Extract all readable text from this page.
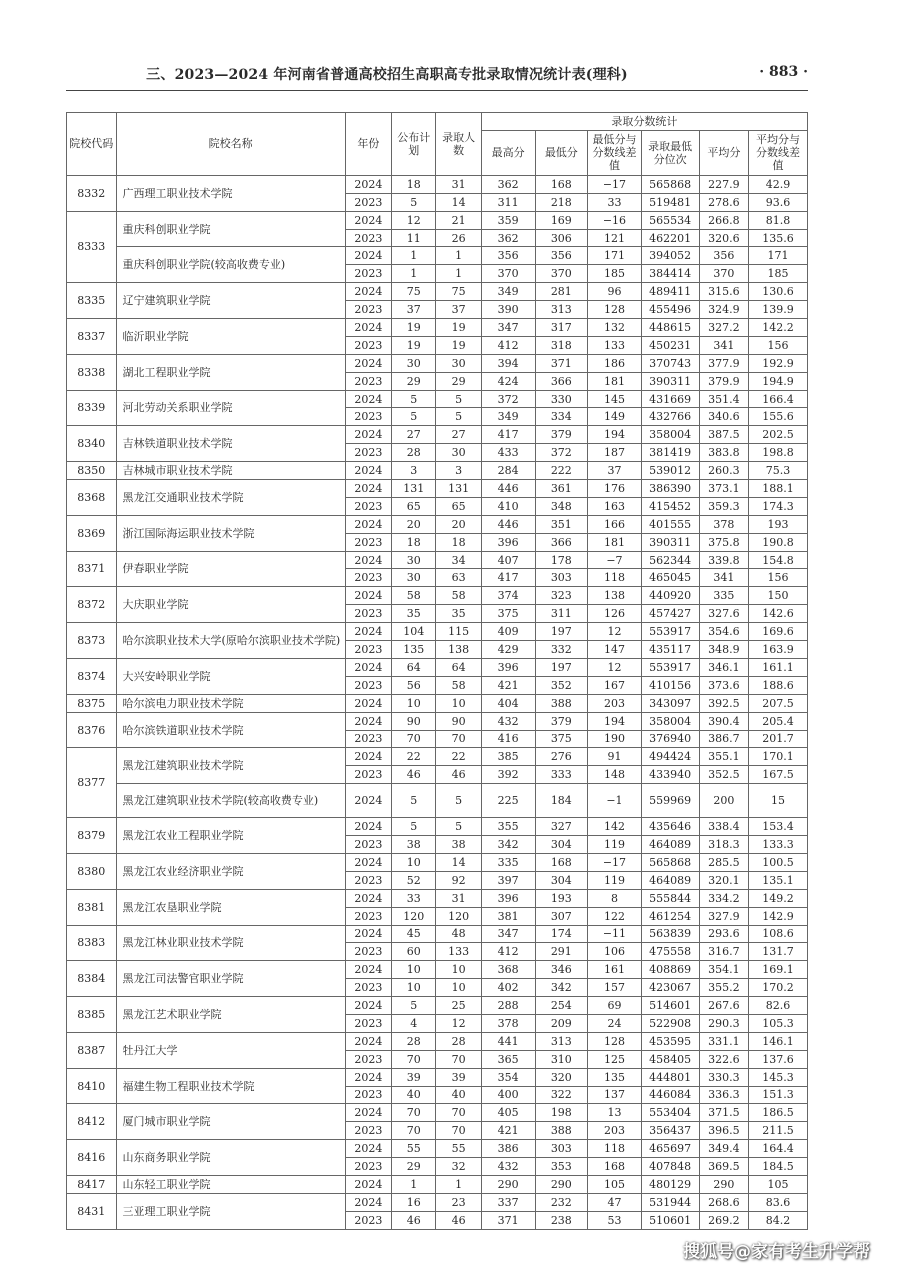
三、2023—2024 年河南省普通高校招生高职高专批录取情况统计表(理科)	· 883 ·
院校代码	院校名称	年份	公布计划	录取人数	录取分数统计					
					最高分	最低分	最低分与分数线差值	录取最低分位次	平均分	平均分与分数线差值
8332	广西理工职业技术学院	2024	18	31	362	168	−17	565868	227.9	42.9
		2023	5	14	311	218	33	519481	278.6	93.6
8333	重庆科创职业学院	2024	12	21	359	169	−16	565534	266.8	81.8
		2023	11	26	362	306	121	462201	320.6	135.6
	重庆科创职业学院(较高收费专业)	2024	1	1	356	356	171	394052	356	171
		2023	1	1	370	370	185	384414	370	185
8335	辽宁建筑职业学院	2024	75	75	349	281	96	489411	315.6	130.6
		2023	37	37	390	313	128	455496	324.9	139.9
8337	临沂职业学院	2024	19	19	347	317	132	448615	327.2	142.2
		2023	19	19	412	318	133	450231	341	156
8338	湖北工程职业学院	2024	30	30	394	371	186	370743	377.9	192.9
		2023	29	29	424	366	181	390311	379.9	194.9
8339	河北劳动关系职业学院	2024	5	5	372	330	145	431669	351.4	166.4
		2023	5	5	349	334	149	432766	340.6	155.6
8340	吉林铁道职业技术学院	2024	27	27	417	379	194	358004	387.5	202.5
		2023	28	30	433	372	187	381419	383.8	198.8
8350	吉林城市职业技术学院	2024	3	3	284	222	37	539012	260.3	75.3
8368	黑龙江交通职业技术学院	2024	131	131	446	361	176	386390	373.1	188.1
		2023	65	65	410	348	163	415452	359.3	174.3
8369	浙江国际海运职业技术学院	2024	20	20	446	351	166	401555	378	193
		2023	18	18	396	366	181	390311	375.8	190.8
8371	伊春职业学院	2024	30	34	407	178	−7	562344	339.8	154.8
		2023	30	63	417	303	118	465045	341	156
8372	大庆职业学院	2024	58	58	374	323	138	440920	335	150
		2023	35	35	375	311	126	457427	327.6	142.6
8373	哈尔滨职业技术大学(原哈尔滨职业技术学院)	2024	104	115	409	197	12	553917	354.6	169.6
		2023	135	138	429	332	147	435117	348.9	163.9
8374	大兴安岭职业学院	2024	64	64	396	197	12	553917	346.1	161.1
		2023	56	58	421	352	167	410156	373.6	188.6
8375	哈尔滨电力职业技术学院	2024	10	10	404	388	203	343097	392.5	207.5
8376	哈尔滨铁道职业技术学院	2024	90	90	432	379	194	358004	390.4	205.4
		2023	70	70	416	375	190	376940	386.7	201.7
8377	黑龙江建筑职业技术学院	2024	22	22	385	276	91	494424	355.1	170.1
		2023	46	46	392	333	148	433940	352.5	167.5
	黑龙江建筑职业技术学院(较高收费专业)	2024	5	5	225	184	−1	559969	200	15
8379	黑龙江农业工程职业学院	2024	5	5	355	327	142	435646	338.4	153.4
		2023	38	38	342	304	119	464089	318.3	133.3
8380	黑龙江农业经济职业学院	2024	10	14	335	168	−17	565868	285.5	100.5
		2023	52	92	397	304	119	464089	320.1	135.1
8381	黑龙江农垦职业学院	2024	33	31	396	193	8	555844	334.2	149.2
		2023	120	120	381	307	122	461254	327.9	142.9
8383	黑龙江林业职业技术学院	2024	45	48	347	174	−11	563839	293.6	108.6
		2023	60	133	412	291	106	475558	316.7	131.7
8384	黑龙江司法警官职业学院	2024	10	10	368	346	161	408869	354.1	169.1
		2023	10	10	402	342	157	423067	355.2	170.2
8385	黑龙江艺术职业学院	2024	5	25	288	254	69	514601	267.6	82.6
		2023	4	12	378	209	24	522908	290.3	105.3
8387	牡丹江大学	2024	28	28	441	313	128	453595	331.1	146.1
		2023	70	70	365	310	125	458405	322.6	137.6
8410	福建生物工程职业技术学院	2024	39	39	354	320	135	444801	330.3	145.3
		2023	40	40	400	322	137	446084	336.3	151.3
8412	厦门城市职业学院	2024	70	70	405	198	13	553404	371.5	186.5
		2023	70	70	421	388	203	356437	396.5	211.5
8416	山东商务职业学院	2024	55	55	386	303	118	465697	349.4	164.4
		2023	29	32	432	353	168	407848	369.5	184.5
8417	山东轻工职业学院	2024	1	1	290	290	105	480129	290	105
8431	三亚理工职业学院	2024	16	23	337	232	47	531944	268.6	83.6
		2023	46	46	371	238	53	510601	269.2	84.2
搜狐号@家有考生升学帮
